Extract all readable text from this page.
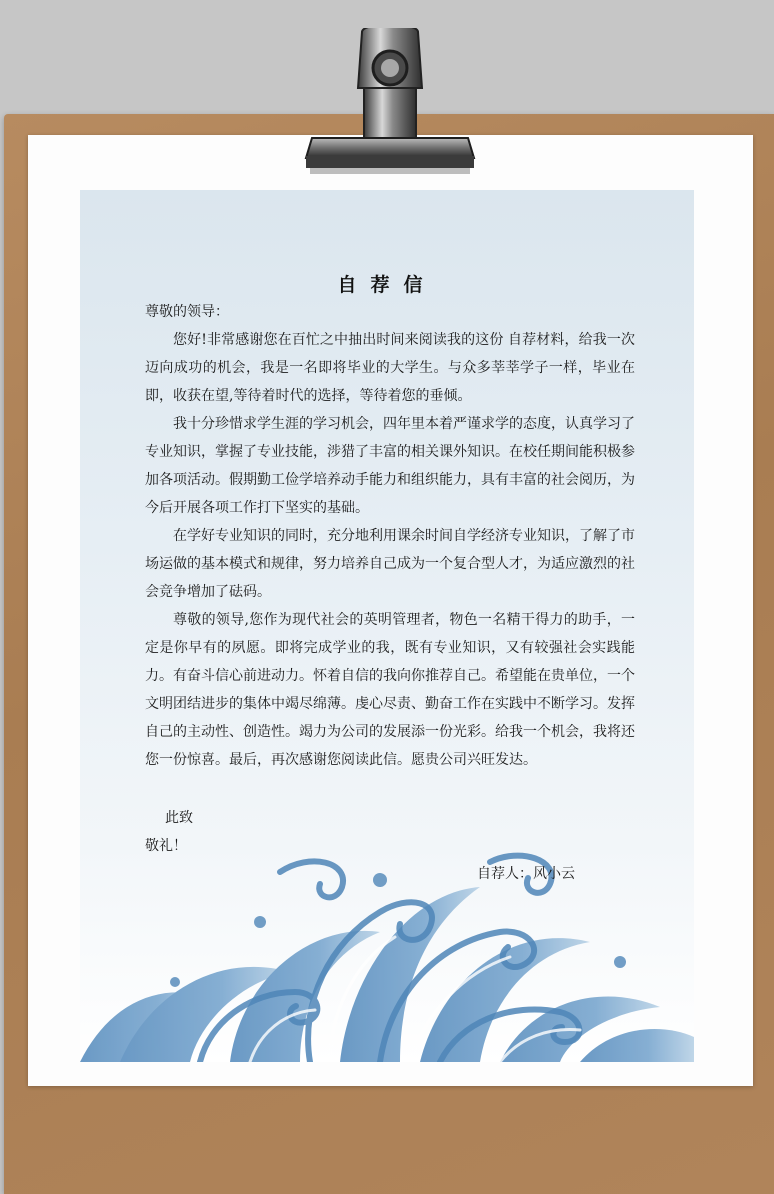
自荐信
尊敬的领导：

您好!非常感谢您在百忙之中抽出时间来阅读我的这份 自荐材料，给我一次迈向成功的机会，我是一名即将毕业的大学生。与众多莘莘学子一样，毕业在即，收获在望,等待着时代的选择，等待着您的垂倾。

我十分珍惜求学生涯的学习机会，四年里本着严谨求学的态度，认真学习了专业知识，掌握了专业技能，涉猎了丰富的相关课外知识。在校任期间能积极参加各项活动。假期勤工俭学培养动手能力和组织能力，具有丰富的社会阅历，为今后开展各项工作打下坚实的基础。

在学好专业知识的同时，充分地利用课余时间自学经济专业知识，了解了市场运做的基本模式和规律，努力培养自己成为一个复合型人才，为适应激烈的社会竞争增加了砝码。

尊敬的领导,您作为现代社会的英明管理者，物色一名精干得力的助手，一定是你早有的夙愿。即将完成学业的我，既有专业知识，又有较强社会实践能力。有奋斗信心前进动力。怀着自信的我向你推荐自己。希望能在贵单位，一个文明团结进步的集体中竭尽绵薄。虔心尽责、勤奋工作在实践中不断学习。发挥自己的主动性、创造性。竭力为公司的发展添一份光彩。给我一个机会，我将还您一份惊喜。最后，再次感谢您阅读此信。愿贵公司兴旺发达。

此致
敬礼！
自荐人：风小云
